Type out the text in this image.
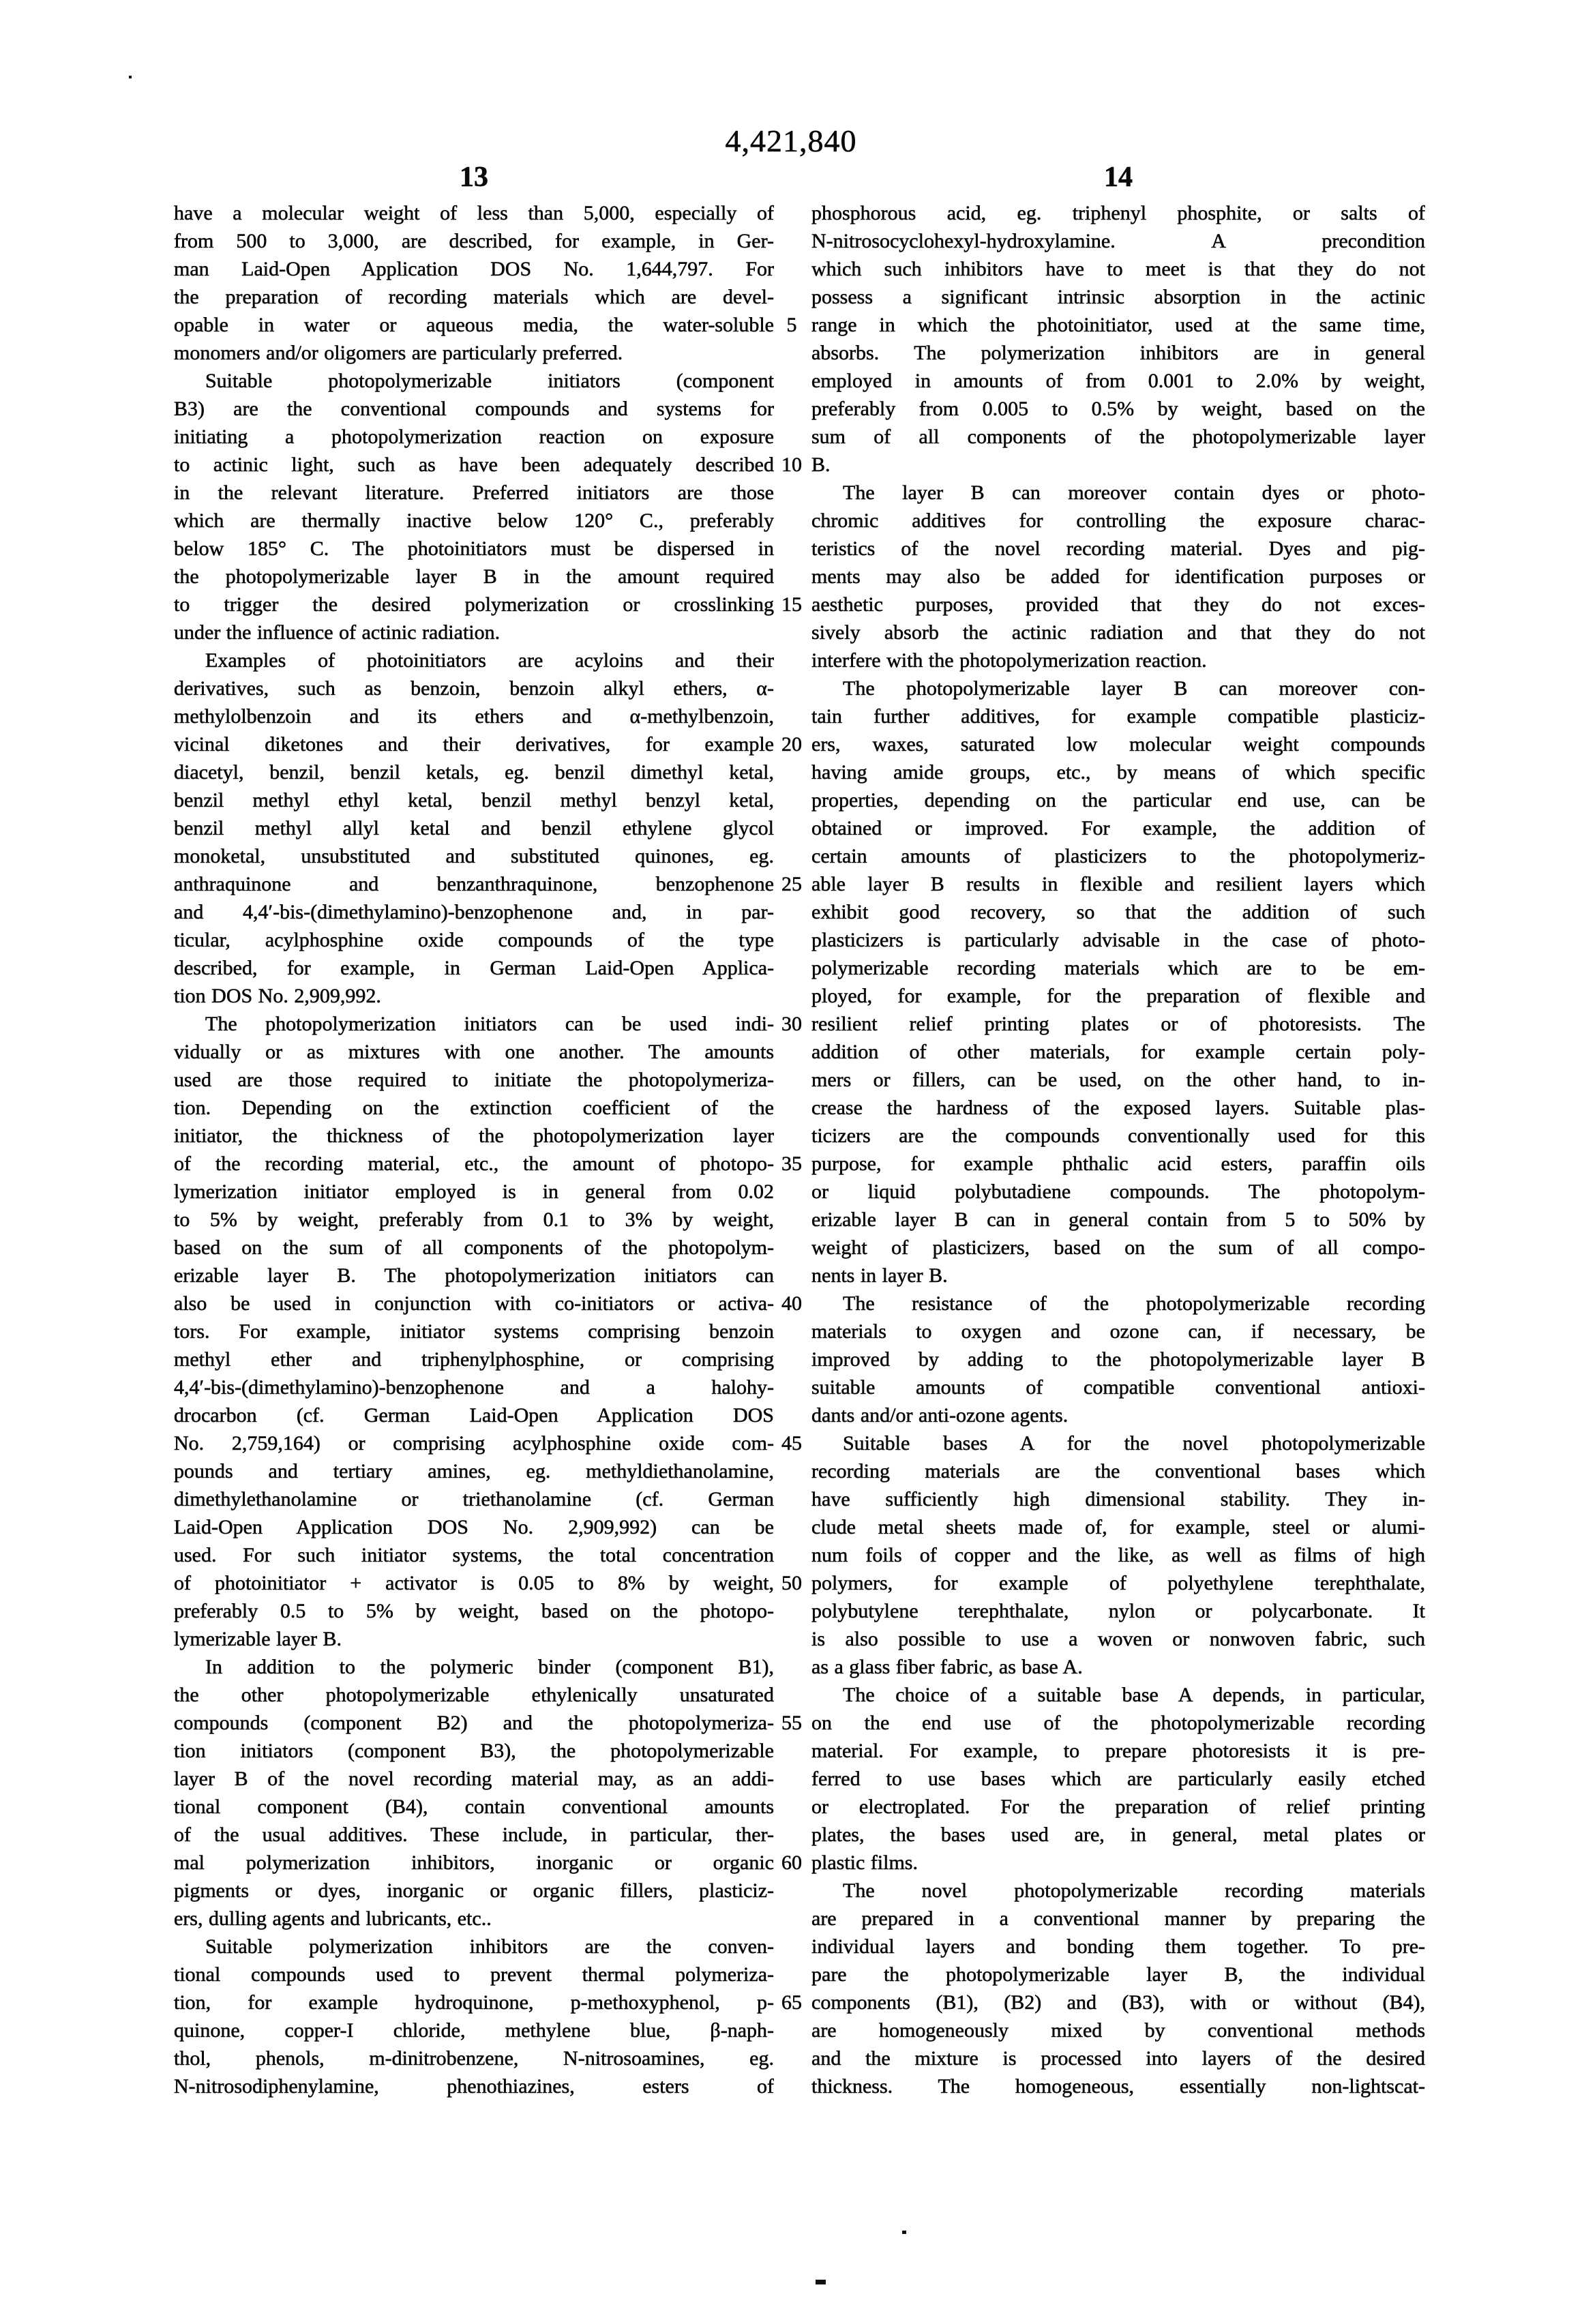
4,421,840
13	14
5
10
15
20
25
30
35
40
45
50
55
60
65
have a molecular weight of less than 5,000, especially of
from 500 to 3,000, are described, for example, in Ger-
man Laid-Open Application DOS No. 1,644,797. For
the preparation of recording materials which are devel-
opable in water or aqueous media, the water-soluble
monomers and/or oligomers are particularly preferred.
Suitable photopolymerizable initiators (component
B3) are the conventional compounds and systems for
initiating a photopolymerization reaction on exposure
to actinic light, such as have been adequately described
in the relevant literature. Preferred initiators are those
which are thermally inactive below 120° C., preferably
below 185° C. The photoinitiators must be dispersed in
the photopolymerizable layer B in the amount required
to trigger the desired polymerization or crosslinking
under the influence of actinic radiation.
Examples of photoinitiators are acyloins and their
derivatives, such as benzoin, benzoin alkyl ethers, α-
methylolbenzoin and its ethers and α-methylbenzoin,
vicinal diketones and their derivatives, for example
diacetyl, benzil, benzil ketals, eg. benzil dimethyl ketal,
benzil methyl ethyl ketal, benzil methyl benzyl ketal,
benzil methyl allyl ketal and benzil ethylene glycol
monoketal, unsubstituted and substituted quinones, eg.
anthraquinone and benzanthraquinone, benzophenone
and 4,4′-bis-(dimethylamino)-benzophenone and, in par-
ticular, acylphosphine oxide compounds of the type
described, for example, in German Laid-Open Applica-
tion DOS No. 2,909,992.
The photopolymerization initiators can be used indi-
vidually or as mixtures with one another. The amounts
used are those required to initiate the photopolymeriza-
tion. Depending on the extinction coefficient of the
initiator, the thickness of the photopolymerization layer
of the recording material, etc., the amount of photopo-
lymerization initiator employed is in general from 0.02
to 5% by weight, preferably from 0.1 to 3% by weight,
based on the sum of all components of the photopolym-
erizable layer B. The photopolymerization initiators can
also be used in conjunction with co-initiators or activa-
tors. For example, initiator systems comprising benzoin
methyl ether and triphenylphosphine, or comprising
4,4′-bis-(dimethylamino)-benzophenone and a halohy-
drocarbon (cf. German Laid-Open Application DOS
No. 2,759,164) or comprising acylphosphine oxide com-
pounds and tertiary amines, eg. methyldiethanolamine,
dimethylethanolamine or triethanolamine (cf. German
Laid-Open Application DOS No. 2,909,992) can be
used. For such initiator systems, the total concentration
of photoinitiator + activator is 0.05 to 8% by weight,
preferably 0.5 to 5% by weight, based on the photopo-
lymerizable layer B.
In addition to the polymeric binder (component B1),
the other photopolymerizable ethylenically unsaturated
compounds (component B2) and the photopolymeriza-
tion initiators (component B3), the photopolymerizable
layer B of the novel recording material may, as an addi-
tional component (B4), contain conventional amounts
of the usual additives. These include, in particular, ther-
mal polymerization inhibitors, inorganic or organic
pigments or dyes, inorganic or organic fillers, plasticiz-
ers, dulling agents and lubricants, etc..
Suitable polymerization inhibitors are the conven-
tional compounds used to prevent thermal polymeriza-
tion, for example hydroquinone, p-methoxyphenol, p-
quinone, copper-I chloride, methylene blue, β-naph-
thol, phenols, m-dinitrobenzene, N-nitrosoamines, eg.
N-nitrosodiphenylamine, phenothiazines, esters of
phosphorous acid, eg. triphenyl phosphite, or salts of
N-nitrosocyclohexyl-hydroxylamine. A precondition
which such inhibitors have to meet is that they do not
possess a significant intrinsic absorption in the actinic
range in which the photoinitiator, used at the same time,
absorbs. The polymerization inhibitors are in general
employed in amounts of from 0.001 to 2.0% by weight,
preferably from 0.005 to 0.5% by weight, based on the
sum of all components of the photopolymerizable layer
B.
The layer B can moreover contain dyes or photo-
chromic additives for controlling the exposure charac-
teristics of the novel recording material. Dyes and pig-
ments may also be added for identification purposes or
aesthetic purposes, provided that they do not exces-
sively absorb the actinic radiation and that they do not
interfere with the photopolymerization reaction.
The photopolymerizable layer B can moreover con-
tain further additives, for example compatible plasticiz-
ers, waxes, saturated low molecular weight compounds
having amide groups, etc., by means of which specific
properties, depending on the particular end use, can be
obtained or improved. For example, the addition of
certain amounts of plasticizers to the photopolymeriz-
able layer B results in flexible and resilient layers which
exhibit good recovery, so that the addition of such
plasticizers is particularly advisable in the case of photo-
polymerizable recording materials which are to be em-
ployed, for example, for the preparation of flexible and
resilient relief printing plates or of photoresists. The
addition of other materials, for example certain poly-
mers or fillers, can be used, on the other hand, to in-
crease the hardness of the exposed layers. Suitable plas-
ticizers are the compounds conventionally used for this
purpose, for example phthalic acid esters, paraffin oils
or liquid polybutadiene compounds. The photopolym-
erizable layer B can in general contain from 5 to 50% by
weight of plasticizers, based on the sum of all compo-
nents in layer B.
The resistance of the photopolymerizable recording
materials to oxygen and ozone can, if necessary, be
improved by adding to the photopolymerizable layer B
suitable amounts of compatible conventional antioxi-
dants and/or anti-ozone agents.
Suitable bases A for the novel photopolymerizable
recording materials are the conventional bases which
have sufficiently high dimensional stability. They in-
clude metal sheets made of, for example, steel or alumi-
num foils of copper and the like, as well as films of high
polymers, for example of polyethylene terephthalate,
polybutylene terephthalate, nylon or polycarbonate. It
is also possible to use a woven or nonwoven fabric, such
as a glass fiber fabric, as base A.
The choice of a suitable base A depends, in particular,
on the end use of the photopolymerizable recording
material. For example, to prepare photoresists it is pre-
ferred to use bases which are particularly easily etched
or electroplated. For the preparation of relief printing
plates, the bases used are, in general, metal plates or
plastic films.
The novel photopolymerizable recording materials
are prepared in a conventional manner by preparing the
individual layers and bonding them together. To pre-
pare the photopolymerizable layer B, the individual
components (B1), (B2) and (B3), with or without (B4),
are homogeneously mixed by conventional methods
and the mixture is processed into layers of the desired
thickness. The homogeneous, essentially non-lightscat-
